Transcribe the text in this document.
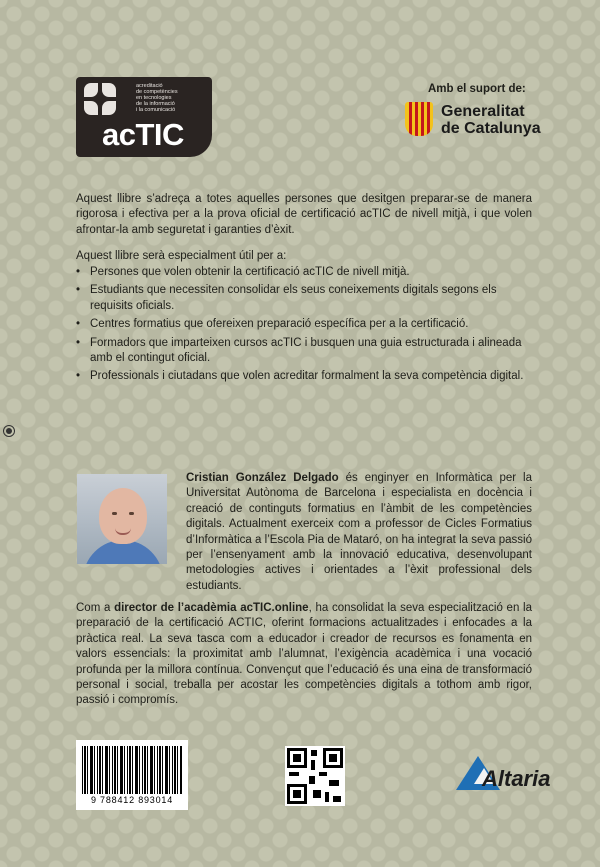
acreditació
de competències
en tecnologies
de la informació
i la comunicació
acTIC
Amb el suport de:
Generalitat
de Catalunya
Aquest llibre s’adreça a totes aquelles persones que desitgen preparar-se de manera rigorosa i efectiva per a la prova oficial de certificació acTIC de nivell mitjà, i que volen afrontar-la amb seguretat i garanties d’èxit.
Aquest llibre serà especialment útil per a:
• Persones que volen obtenir la certificació acTIC de nivell mitjà.
• Estudiants que necessiten consolidar els seus coneixements digitals segons els requisits oficials.
• Centres formatius que ofereixen preparació específica per a la certificació.
• Formadors que imparteixen cursos acTIC i busquen una guia estructurada i alineada amb el contingut oficial.
• Professionals i ciutadans que volen acreditar formalment la seva competència digital.
Cristian González Delgado és enginyer en Informàtica per la Universitat Autònoma de Barcelona i especialista en docència i creació de continguts formatius en l’àmbit de les competències digitals. Actualment exerceix com a professor de Cicles Formatius d’Informàtica a l’Escola Pia de Mataró, on ha integrat la seva passió per l’ensenyament amb la innovació educativa, desenvolupant metodologies actives i orientades a l’èxit professional dels estudiants.
Com a director de l’acadèmia acTIC.online, ha consolidat la seva especialització en la preparació de la certificació ACTIC, oferint formacions actualitzades i enfocades a la pràctica real. La seva tasca com a educador i creador de recursos es fonamenta en valors essencials: la proximitat amb l’alumnat, l’exigència acadèmica i una vocació profunda per la millora contínua. Convençut que l’educació és una eina de transformació personal i social, treballa per acostar les competències digitals a tothom amb rigor, passió i compromís.
9 788412 893014
Altaria
